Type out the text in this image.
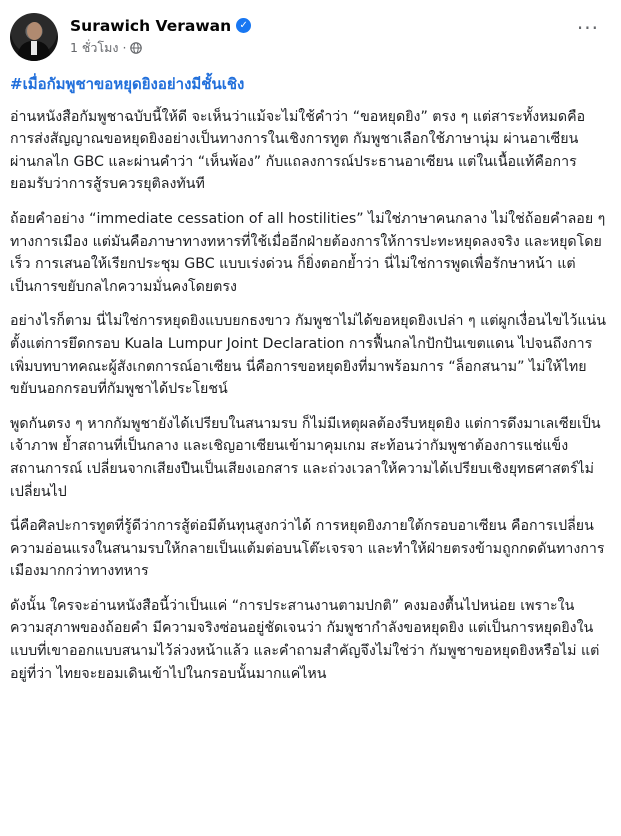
Surawich Verawan ✓
1 ชั่วโมง ·
···
#เมื่อกัมพูชาขอหยุดยิงอย่างมีชั้นเชิง

อ่านหนังสือกัมพูชาฉบับนี้ให้ดี จะเห็นว่าแม้จะไม่ใช้คำว่า “ขอหยุดยิง” ตรง ๆ แต่สาระทั้งหมดคือการส่งสัญญาณขอหยุดยิงอย่างเป็นทางการในเชิงการทูต กัมพูชาเลือกใช้ภาษานุ่ม ผ่านอาเซียน ผ่านกลไก GBC และผ่านคำว่า “เห็นพ้อง” กับแถลงการณ์ประธานอาเซียน แต่ในเนื้อแท้คือการยอมรับว่าการสู้รบควรยุติลงทันที

ถ้อยคำอย่าง “immediate cessation of all hostilities” ไม่ใช่ภาษาคนกลาง ไม่ใช่ถ้อยคำลอย ๆ ทางการเมือง แต่มันคือภาษาทางทหารที่ใช้เมื่ออีกฝ่ายต้องการให้การปะทะหยุดลงจริง และหยุดโดยเร็ว การเสนอให้เรียกประชุม GBC แบบเร่งด่วน ก็ยิ่งตอกย้ำว่า นี่ไม่ใช่การพูดเพื่อรักษาหน้า แต่เป็นการขยับกลไกความมั่นคงโดยตรง

อย่างไรก็ตาม นี่ไม่ใช่การหยุดยิงแบบยกธงขาว กัมพูชาไม่ได้ขอหยุดยิงเปล่า ๆ แต่ผูกเงื่อนไขไว้แน่น ตั้งแต่การยึดกรอบ Kuala Lumpur Joint Declaration การฟื้นกลไกปักปันเขตแดน ไปจนถึงการเพิ่มบทบาทคณะผู้สังเกตการณ์อาเซียน นี่คือการขอหยุดยิงที่มาพร้อมการ “ล็อกสนาม” ไม่ให้ไทยขยับนอกกรอบที่กัมพูชาได้ประโยชน์

พูดกันตรง ๆ หากกัมพูชายังได้เปรียบในสนามรบ ก็ไม่มีเหตุผลต้องรีบหยุดยิง แต่การดึงมาเลเซียเป็นเจ้าภาพ ย้ำสถานที่เป็นกลาง และเชิญอาเซียนเข้ามาคุมเกม สะท้อนว่ากัมพูชาต้องการแช่แข็งสถานการณ์ เปลี่ยนจากเสียงปืนเป็นเสียงเอกสาร และถ่วงเวลาให้ความได้เปรียบเชิงยุทธศาสตร์ไม่เปลี่ยนไป

นี่คือศิลปะการทูตที่รู้ดีว่าการสู้ต่อมีต้นทุนสูงกว่าได้ การหยุดยิงภายใต้กรอบอาเซียน คือการเปลี่ยนความอ่อนแรงในสนามรบให้กลายเป็นแต้มต่อบนโต๊ะเจรจา และทำให้ฝ่ายตรงข้ามถูกกดดันทางการเมืองมากกว่าทางทหาร

ดังนั้น ใครจะอ่านหนังสือนี้ว่าเป็นแค่ “การประสานงานตามปกติ” คงมองตื้นไปหน่อย เพราะในความสุภาพของถ้อยคำ มีความจริงซ่อนอยู่ชัดเจนว่า กัมพูชากำลังขอหยุดยิง แต่เป็นการหยุดยิงในแบบที่เขาออกแบบสนามไว้ล่วงหน้าแล้ว และคำถามสำคัญจึงไม่ใช่ว่า กัมพูชาขอหยุดยิงหรือไม่ แต่อยู่ที่ว่า ไทยจะยอมเดินเข้าไปในกรอบนั้นมากแค่ไหน
